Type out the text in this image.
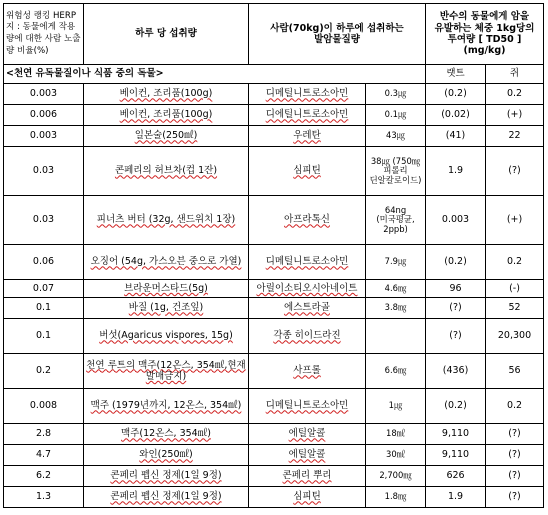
위험성 랭킹 HERP 지 : 동물에게 작용 량에 대한 사람 노출 량 비율(%)	하루 당 섭취량	사람(70kg)이 하루에 섭취하는 발암물질량		반수의 동물에게 암을 유발하는 체중 1kg당의 투여량 [ TD50 ](mg/kg)	
<천연 유독물질이나 식품 중의 독물>				랫트	쥐
0.003	베이컨, 조리품(100g)	디메틸니트로소아민	0.3㎍	(0.2)	0.2
0.006	베이컨, 조리품(100g)	디에틸니트로소아민	0.1㎍	(0.02)	(+)
0.003	일본술(250㎖)	우레탄	43㎍	(41)	22
0.03	콘페리의 허브차(컵 1잔)	심피틴	38㎍ (750㎎피롤리 딘알칼로이드)	1.9	(?)
0.03	피너츠 버터 (32g, 샌드위치 1장)	아프라톡신	64ng (미국평균, 2ppb)	0.003	(+)
0.06	오징어 (54g, 가스오븐 중으로 가열)	디메틸니트로소아민	7.9㎍	(0.2)	0.2
0.07	브라운머스타드(5g)	아릴이소티오시아네이트	4.6㎎	96	(-)
0.1	바질 (1g, 건조잎)	에스트라골	3.8㎎	(?)	52
0.1	버섯(Agaricus vispores, 15g)	각종 히이드라진		(?)	20,300
0.2	천연 루트의 맥주(12온스, 354㎖,현재 발매금지)	사프롤	6.6㎎	(436)	56
0.008	맥주 (1979년까지, 12온스, 354㎖)	디메틸니트로소아민	1㎍	(0.2)	0.2
2.8	맥주(12온스, 354㎖)	에틸알콜	18㎖	9,110	(?)
4.7	와인(250㎖)	에틸알콜	30㎖	9,110	(?)
6.2	콘페리 펩신 정제(1일 9정)	콘페리 뿌리	2,700㎎	626	(?)
1.3	콘페리 펩신 정제(1일 9정)	심피틴	1.8㎎	1.9	(?)
